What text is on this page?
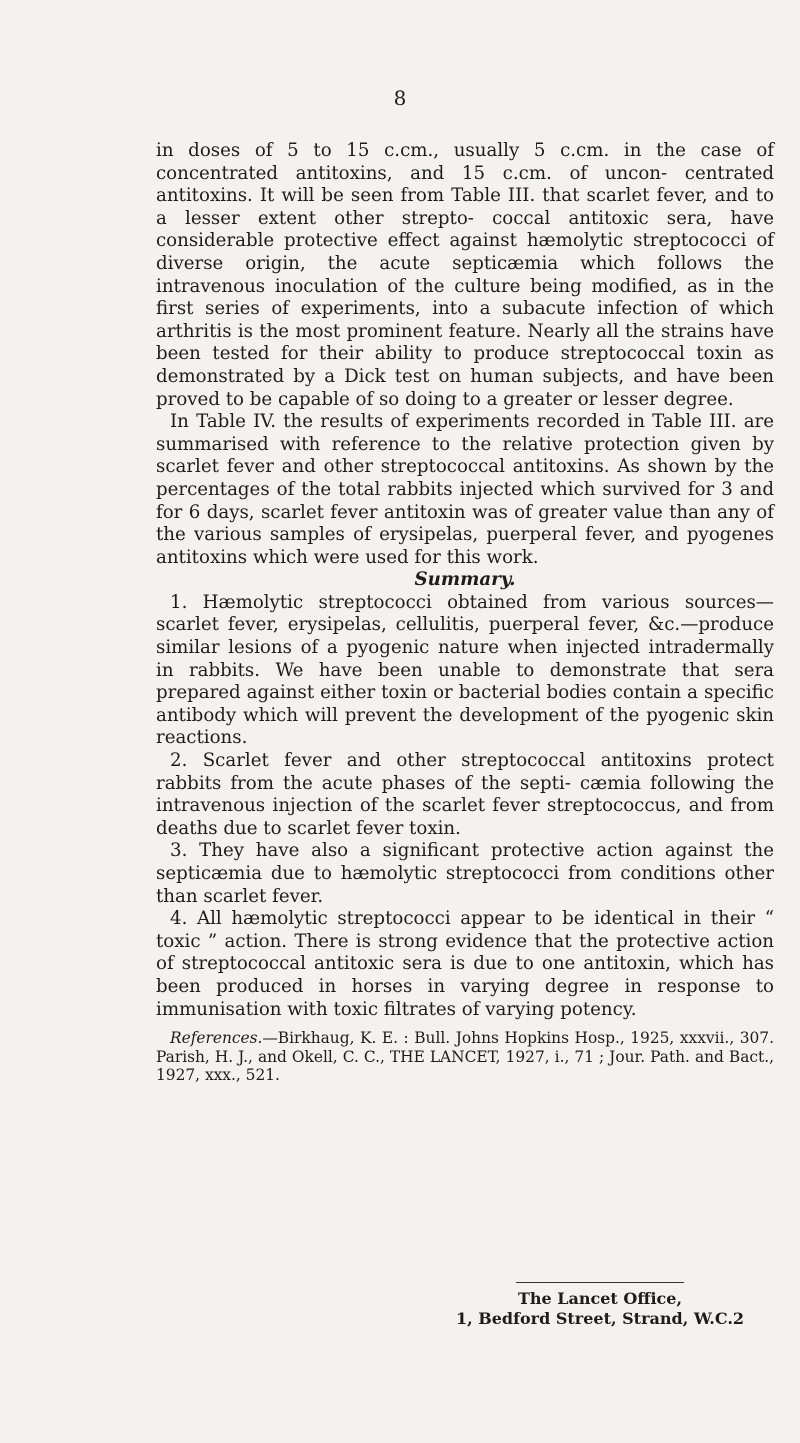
8

in doses of 5 to 15 c.cm., usually 5 c.cm. in the case of concentrated antitoxins, and 15 c.cm. of uncon- centrated antitoxins. It will be seen from Table III. that scarlet fever, and to a lesser extent other strepto- coccal antitoxic sera, have considerable protective effect against hæmolytic streptococci of diverse origin, the acute septicæmia which follows the intravenous inoculation of the culture being modified, as in the first series of experiments, into a subacute infection of which arthritis is the most prominent feature. Nearly all the strains have been tested for their ability to produce streptococcal toxin as demonstrated by a Dick test on human subjects, and have been proved to be capable of so doing to a greater or lesser degree.

In Table IV. the results of experiments recorded in Table III. are summarised with reference to the relative protection given by scarlet fever and other streptococcal antitoxins. As shown by the percentages of the total rabbits injected which survived for 3 and for 6 days, scarlet fever antitoxin was of greater value than any of the various samples of erysipelas, puerperal fever, and pyogenes antitoxins which were used for this work.

Summary.

1. Hæmolytic streptococci obtained from various sources—scarlet fever, erysipelas, cellulitis, puerperal fever, &c.—produce similar lesions of a pyogenic nature when injected intradermally in rabbits. We have been unable to demonstrate that sera prepared against either toxin or bacterial bodies contain a specific antibody which will prevent the development of the pyogenic skin reactions.

2. Scarlet fever and other streptococcal antitoxins protect rabbits from the acute phases of the septi- cæmia following the intravenous injection of the scarlet fever streptococcus, and from deaths due to scarlet fever toxin.

3. They have also a significant protective action against the septicæmia due to hæmolytic streptococci from conditions other than scarlet fever.

4. All hæmolytic streptococci appear to be identical in their “ toxic ” action. There is strong evidence that the protective action of streptococcal antitoxic sera is due to one antitoxin, which has been produced in horses in varying degree in response to immunisation with toxic filtrates of varying potency.

References.—Birkhaug, K. E. : Bull. Johns Hopkins Hosp., 1925, xxxvii., 307. Parish, H. J., and Okell, C. C., THE LANCET, 1927, i., 71 ; Jour. Path. and Bact., 1927, xxx., 521.
The Lancet Office,
1, Bedford Street, Strand, W.C.2
